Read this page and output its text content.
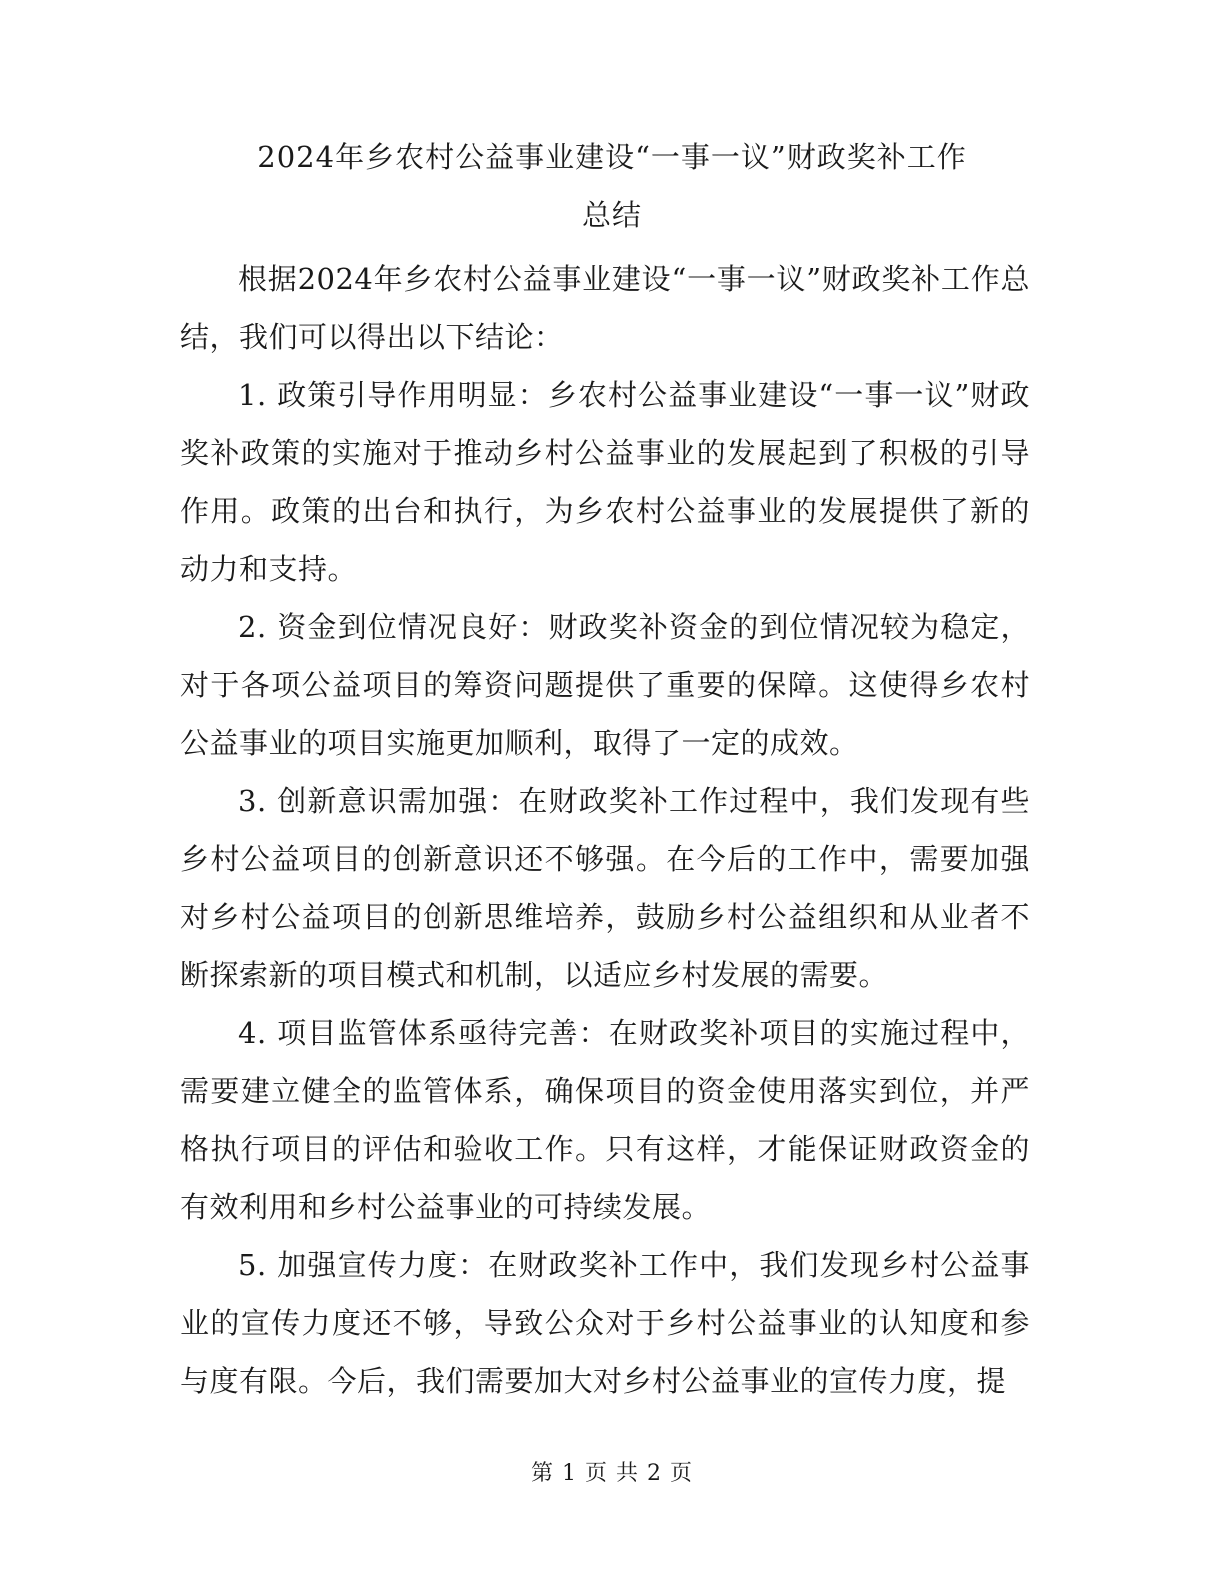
2024年乡农村公益事业建设“一事一议”财政奖补工作
总结

根据2024年乡农村公益事业建设“一事一议”财政奖补工作总结，我们可以得出以下结论：

1. 政策引导作用明显：乡农村公益事业建设“一事一议”财政奖补政策的实施对于推动乡村公益事业的发展起到了积极的引导作用。政策的出台和执行，为乡农村公益事业的发展提供了新的动力和支持。

2. 资金到位情况良好：财政奖补资金的到位情况较为稳定，对于各项公益项目的筹资问题提供了重要的保障。这使得乡农村公益事业的项目实施更加顺利，取得了一定的成效。

3. 创新意识需加强：在财政奖补工作过程中，我们发现有些乡村公益项目的创新意识还不够强。在今后的工作中，需要加强对乡村公益项目的创新思维培养，鼓励乡村公益组织和从业者不断探索新的项目模式和机制，以适应乡村发展的需要。

4. 项目监管体系亟待完善：在财政奖补项目的实施过程中，需要建立健全的监管体系，确保项目的资金使用落实到位，并严格执行项目的评估和验收工作。只有这样，才能保证财政资金的有效利用和乡村公益事业的可持续发展。

5. 加强宣传力度：在财政奖补工作中，我们发现乡村公益事业的宣传力度还不够，导致公众对于乡村公益事业的认知度和参与度有限。今后，我们需要加大对乡村公益事业的宣传力度，提

第 1 页 共 2 页
